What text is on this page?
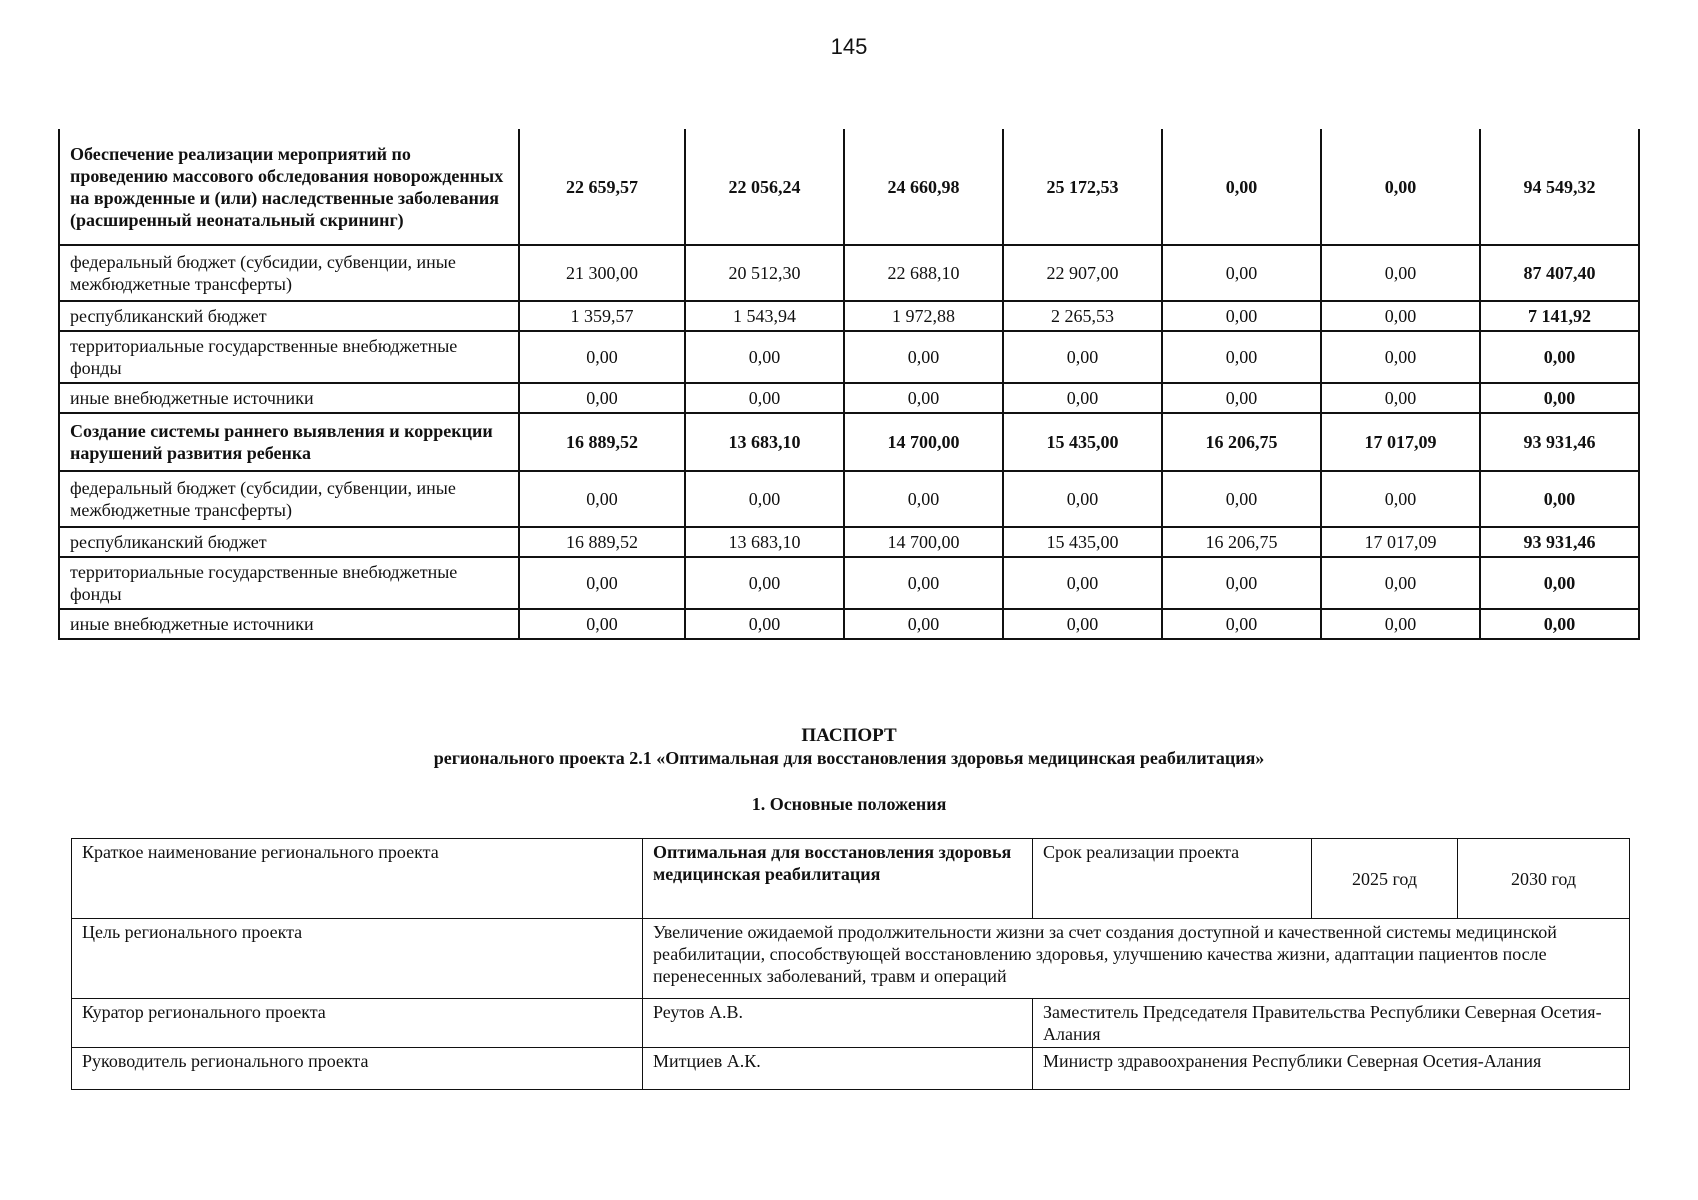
145
Обеспечение реализации мероприятий по проведению массового обследования новорожденных на врожденные и (или) наследственные заболевания (расширенный неонатальный скрининг)	22 659,57	22 056,24	24 660,98	25 172,53	0,00	0,00	94 549,32
федеральный бюджет (субсидии, субвенции, иные межбюджетные трансферты)	21 300,00	20 512,30	22 688,10	22 907,00	0,00	0,00	87 407,40
республиканский бюджет	1 359,57	1 543,94	1 972,88	2 265,53	0,00	0,00	7 141,92
территориальные государственные внебюджетные фонды	0,00	0,00	0,00	0,00	0,00	0,00	0,00
иные внебюджетные источники	0,00	0,00	0,00	0,00	0,00	0,00	0,00
Создание системы раннего выявления и коррекции нарушений развития ребенка	16 889,52	13 683,10	14 700,00	15 435,00	16 206,75	17 017,09	93 931,46
федеральный бюджет (субсидии, субвенции, иные межбюджетные трансферты)	0,00	0,00	0,00	0,00	0,00	0,00	0,00
республиканский бюджет	16 889,52	13 683,10	14 700,00	15 435,00	16 206,75	17 017,09	93 931,46
территориальные государственные внебюджетные фонды	0,00	0,00	0,00	0,00	0,00	0,00	0,00
иные внебюджетные источники	0,00	0,00	0,00	0,00	0,00	0,00	0,00
ПАСПОРТ
регионального проекта 2.1 «Оптимальная для восстановления здоровья медицинская реабилитация»
1. Основные положения
Краткое наименование регионального проекта	Оптимальная для восстановления здоровья медицинская реабилитация	Срок реализации проекта	2025 год	2030 год
Цель регионального проекта	Увеличение ожидаемой продолжительности жизни за счет создания доступной и качественной системы медицинской реабилитации, способствующей восстановлению здоровья, улучшению качества жизни, адаптации пациентов после перенесенных заболеваний, травм и операций			
Куратор регионального проекта	Реутов А.В.	Заместитель Председателя Правительства Республики Северная Осетия-Алания		
Руководитель регионального проекта	Митциев А.К.	Министр здравоохранения Республики Северная Осетия-Алания		
